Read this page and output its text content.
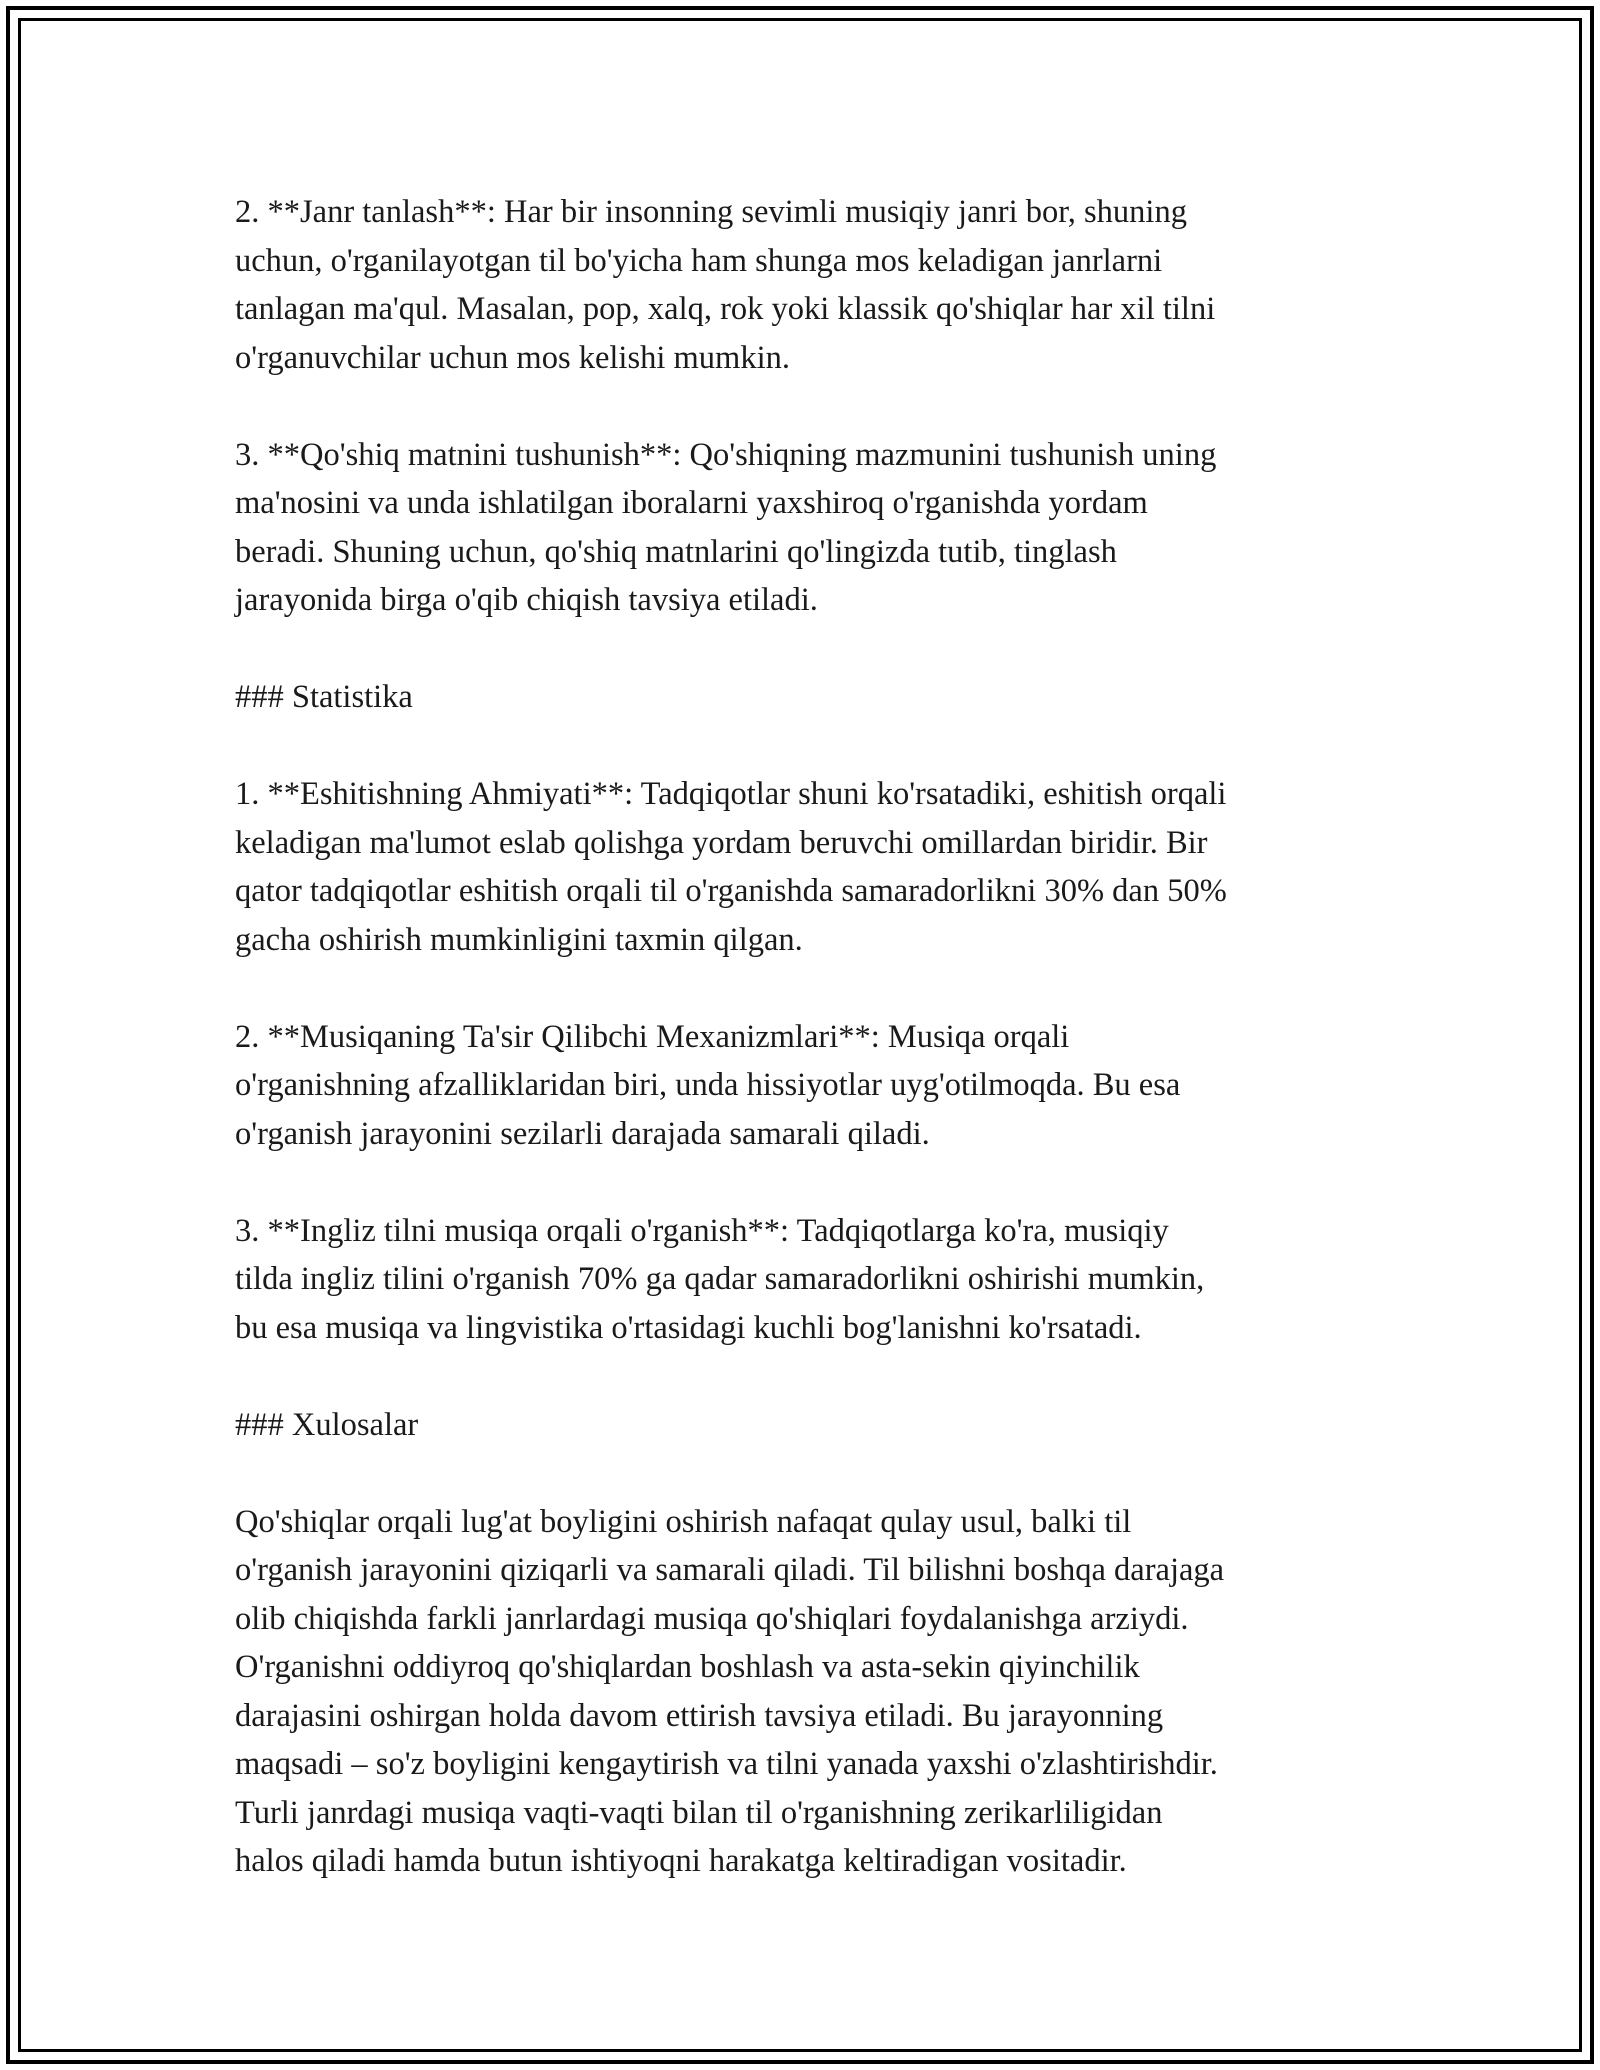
2. **Janr tanlash**: Har bir insonning sevimli musiqiy janri bor, shuning
uchun, o'rganilayotgan til bo'yicha ham shunga mos keladigan janrlarni
tanlagan ma'qul. Masalan, pop, xalq, rok yoki klassik qo'shiqlar har xil tilni
o'rganuvchilar uchun mos kelishi mumkin.

3. **Qo'shiq matnini tushunish**: Qo'shiqning mazmunini tushunish uning
ma'nosini va unda ishlatilgan iboralarni yaxshiroq o'rganishda yordam
beradi. Shuning uchun, qo'shiq matnlarini qo'lingizda tutib, tinglash
jarayonida birga o'qib chiqish tavsiya etiladi.

### Statistika

1. **Eshitishning Ahmiyati**: Tadqiqotlar shuni ko'rsatadiki, eshitish orqali
keladigan ma'lumot eslab qolishga yordam beruvchi omillardan biridir. Bir
qator tadqiqotlar eshitish orqali til o'rganishda samaradorlikni 30% dan 50%
gacha oshirish mumkinligini taxmin qilgan.

2. **Musiqaning Ta'sir Qilibchi Mexanizmlari**: Musiqa orqali
o'rganishning afzalliklaridan biri, unda hissiyotlar uyg'otilmoqda. Bu esa
o'rganish jarayonini sezilarli darajada samarali qiladi.

3. **Ingliz tilni musiqa orqali o'rganish**: Tadqiqotlarga ko'ra, musiqiy
tilda ingliz tilini o'rganish 70% ga qadar samaradorlikni oshirishi mumkin,
bu esa musiqa va lingvistika o'rtasidagi kuchli bog'lanishni ko'rsatadi.

### Xulosalar

Qo'shiqlar orqali lug'at boyligini oshirish nafaqat qulay usul, balki til
o'rganish jarayonini qiziqarli va samarali qiladi. Til bilishni boshqa darajaga
olib chiqishda farkli janrlardagi musiqa qo'shiqlari foydalanishga arziydi.
O'rganishni oddiyroq qo'shiqlardan boshlash va asta-sekin qiyinchilik
darajasini oshirgan holda davom ettirish tavsiya etiladi. Bu jarayonning
maqsadi – so'z boyligini kengaytirish va tilni yanada yaxshi o'zlashtirishdir.
Turli janrdagi musiqa vaqti-vaqti bilan til o'rganishning zerikarliligidan
halos qiladi hamda butun ishtiyoqni harakatga keltiradigan vositadir.
